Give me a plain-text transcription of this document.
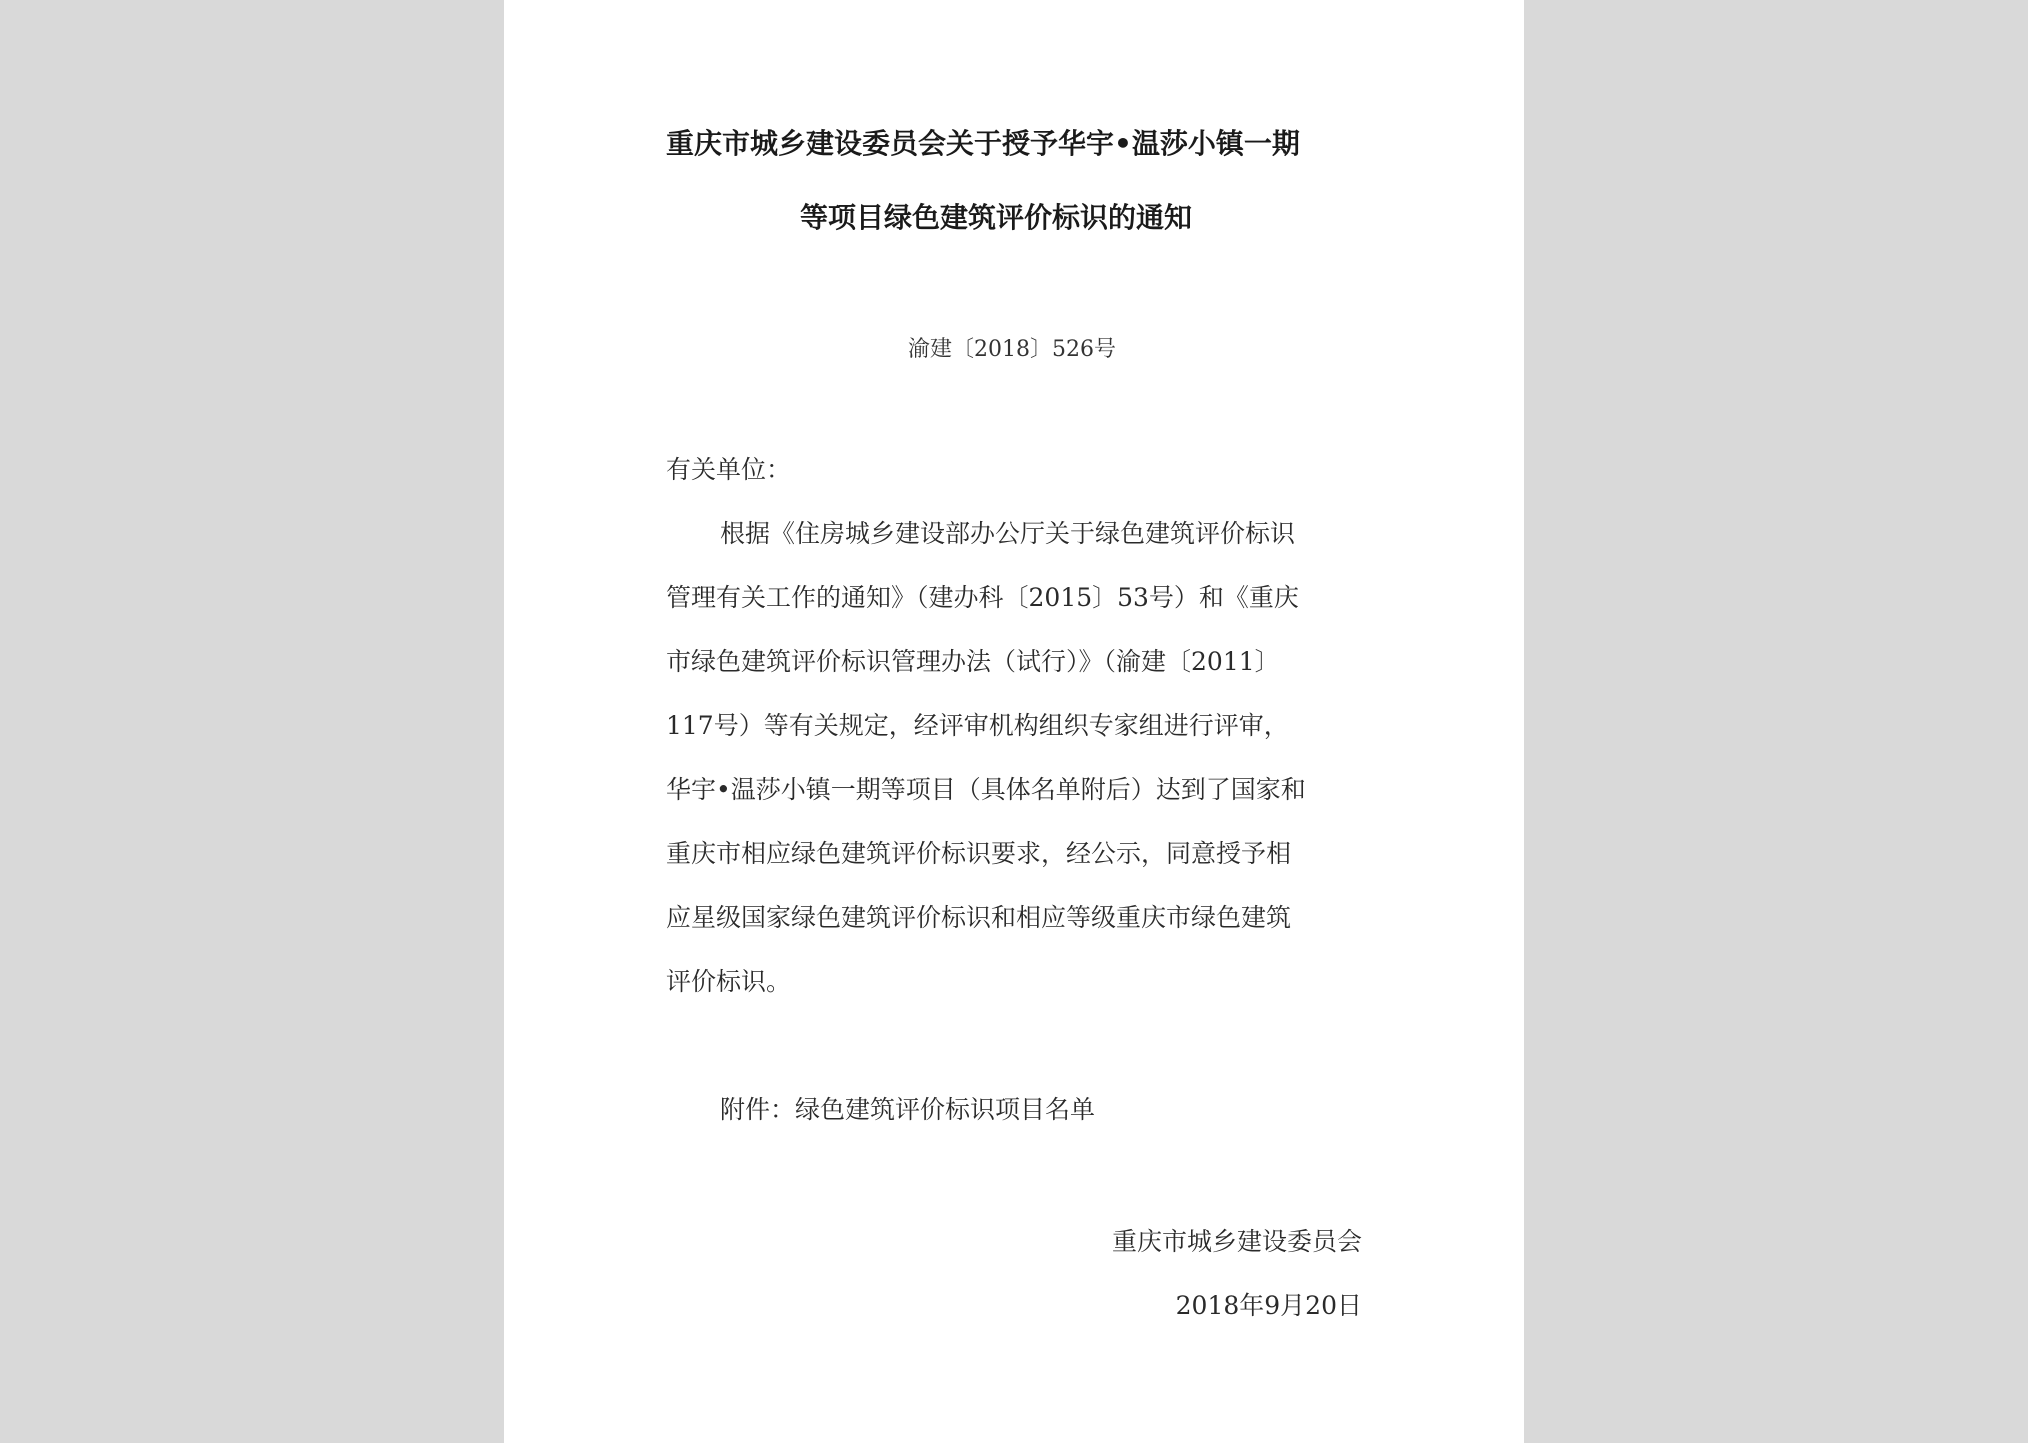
重庆市城乡建设委员会关于授予华宇•温莎小镇一期
等项目绿色建筑评价标识的通知
渝建〔2018〕526号
有关单位：
根据《住房城乡建设部办公厅关于绿色建筑评价标识
管理有关工作的通知》（建办科〔2015〕53号）和《重庆
市绿色建筑评价标识管理办法（试行）》（渝建〔2011〕
117号）等有关规定，经评审机构组织专家组进行评审，
华宇•温莎小镇一期等项目（具体名单附后）达到了国家和
重庆市相应绿色建筑评价标识要求，经公示，同意授予相
应星级国家绿色建筑评价标识和相应等级重庆市绿色建筑
评价标识。
附件：绿色建筑评价标识项目名单
重庆市城乡建设委员会
2018年9月20日
